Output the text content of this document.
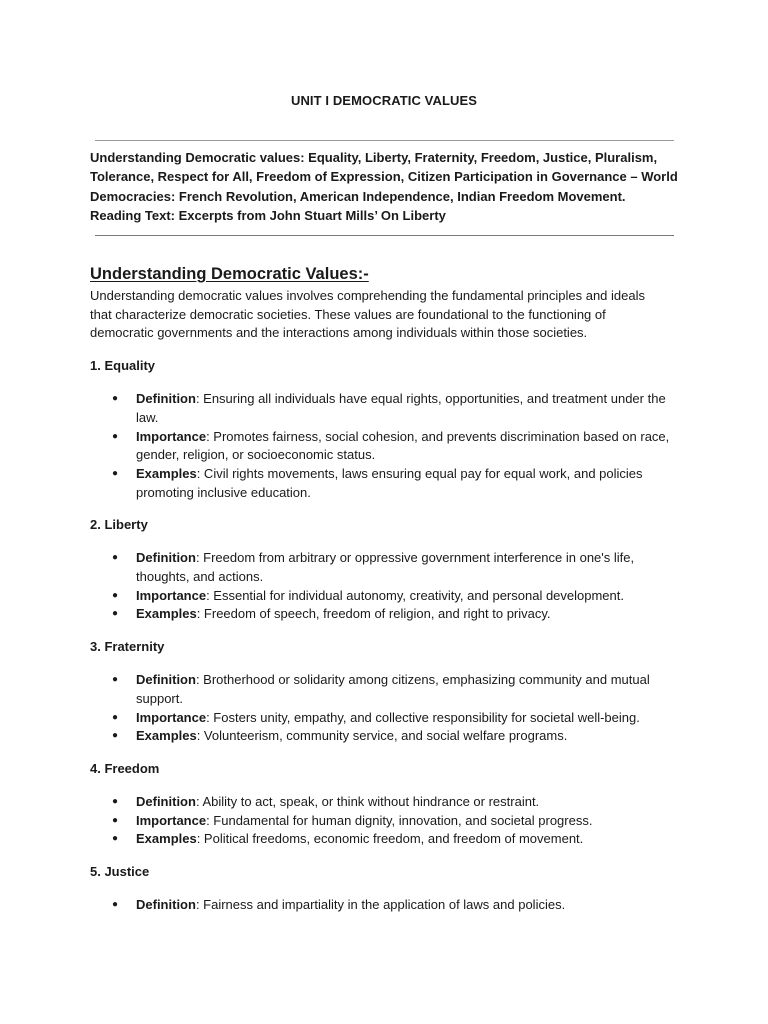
UNIT I DEMOCRATIC VALUES
Understanding Democratic values: Equality, Liberty, Fraternity, Freedom, Justice, Pluralism, Tolerance, Respect for All, Freedom of Expression, Citizen Participation in Governance – World Democracies: French Revolution, American Independence, Indian Freedom Movement. Reading Text: Excerpts from John Stuart Mills’ On Liberty
Understanding Democratic Values:-
Understanding democratic values involves comprehending the fundamental principles and ideals that characterize democratic societies. These values are foundational to the functioning of democratic governments and the interactions among individuals within those societies.
1. Equality
● Definition: Ensuring all individuals have equal rights, opportunities, and treatment under the law.
● Importance: Promotes fairness, social cohesion, and prevents discrimination based on race, gender, religion, or socioeconomic status.
● Examples: Civil rights movements, laws ensuring equal pay for equal work, and policies promoting inclusive education.
2. Liberty
● Definition: Freedom from arbitrary or oppressive government interference in one's life, thoughts, and actions.
● Importance: Essential for individual autonomy, creativity, and personal development.
● Examples: Freedom of speech, freedom of religion, and right to privacy.
3. Fraternity
● Definition: Brotherhood or solidarity among citizens, emphasizing community and mutual support.
● Importance: Fosters unity, empathy, and collective responsibility for societal well-being.
● Examples: Volunteerism, community service, and social welfare programs.
4. Freedom
● Definition: Ability to act, speak, or think without hindrance or restraint.
● Importance: Fundamental for human dignity, innovation, and societal progress.
● Examples: Political freedoms, economic freedom, and freedom of movement.
5. Justice
● Definition: Fairness and impartiality in the application of laws and policies.
